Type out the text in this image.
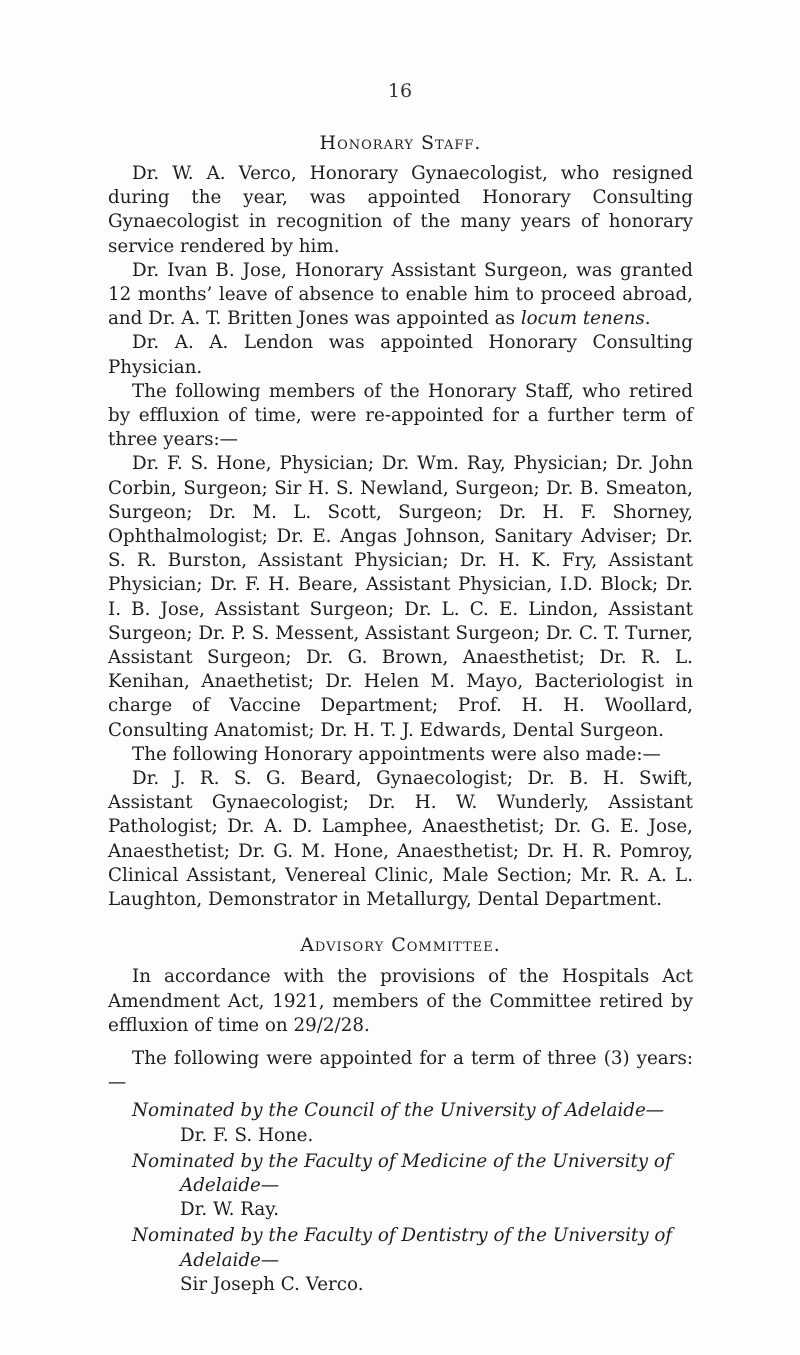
16
Honorary Staff.

Dr. W. A. Verco, Honorary Gynaecologist, who resigned during the year, was appointed Honorary Consulting Gynaecologist in recognition of the many years of honorary service rendered by him.

Dr. Ivan B. Jose, Honorary Assistant Surgeon, was granted 12 months’ leave of absence to enable him to proceed abroad, and Dr. A. T. Britten Jones was appointed as locum tenens.

Dr. A. A. Lendon was appointed Honorary Consulting Physician.

The following members of the Honorary Staff, who retired by effluxion of time, were re-appointed for a further term of three years:—

Dr. F. S. Hone, Physician; Dr. Wm. Ray, Physician; Dr. John Corbin, Surgeon; Sir H. S. Newland, Surgeon; Dr. B. Smeaton, Surgeon; Dr. M. L. Scott, Surgeon; Dr. H. F. Shorney, Ophthalmologist; Dr. E. Angas Johnson, Sanitary Adviser; Dr. S. R. Burston, Assistant Physician; Dr. H. K. Fry, Assistant Physician; Dr. F. H. Beare, Assistant Physician, I.D. Block; Dr. I. B. Jose, Assistant Surgeon; Dr. L. C. E. Lindon, Assistant Surgeon; Dr. P. S. Messent, Assistant Surgeon; Dr. C. T. Turner, Assistant Surgeon; Dr. G. Brown, Anaesthetist; Dr. R. L. Kenihan, Anaethetist; Dr. Helen M. Mayo, Bacteriologist in charge of Vaccine Department; Prof. H. H. Woollard, Consulting Anatomist; Dr. H. T. J. Edwards, Dental Surgeon.

The following Honorary appointments were also made:—

Dr. J. R. S. G. Beard, Gynaecologist; Dr. B. H. Swift, Assistant Gynaecologist; Dr. H. W. Wunderly, Assistant Pathologist; Dr. A. D. Lamphee, Anaesthetist; Dr. G. E. Jose, Anaesthetist; Dr. G. M. Hone, Anaesthetist; Dr. H. R. Pomroy, Clinical Assistant, Venereal Clinic, Male Section; Mr. R. A. L. Laughton, Demonstrator in Metallurgy, Dental Department.

Advisory Committee.

In accordance with the provisions of the Hospitals Act Amendment Act, 1921, members of the Committee retired by effluxion of time on 29/2/28.

The following were appointed for a term of three (3) years:—

Nominated by the Council of the University of Adelaide—

Dr. F. S. Hone.

Nominated by the Faculty of Medicine of the University of Adelaide—

Dr. W. Ray.

Nominated by the Faculty of Dentistry of the University of Adelaide—

Sir Joseph C. Verco.
